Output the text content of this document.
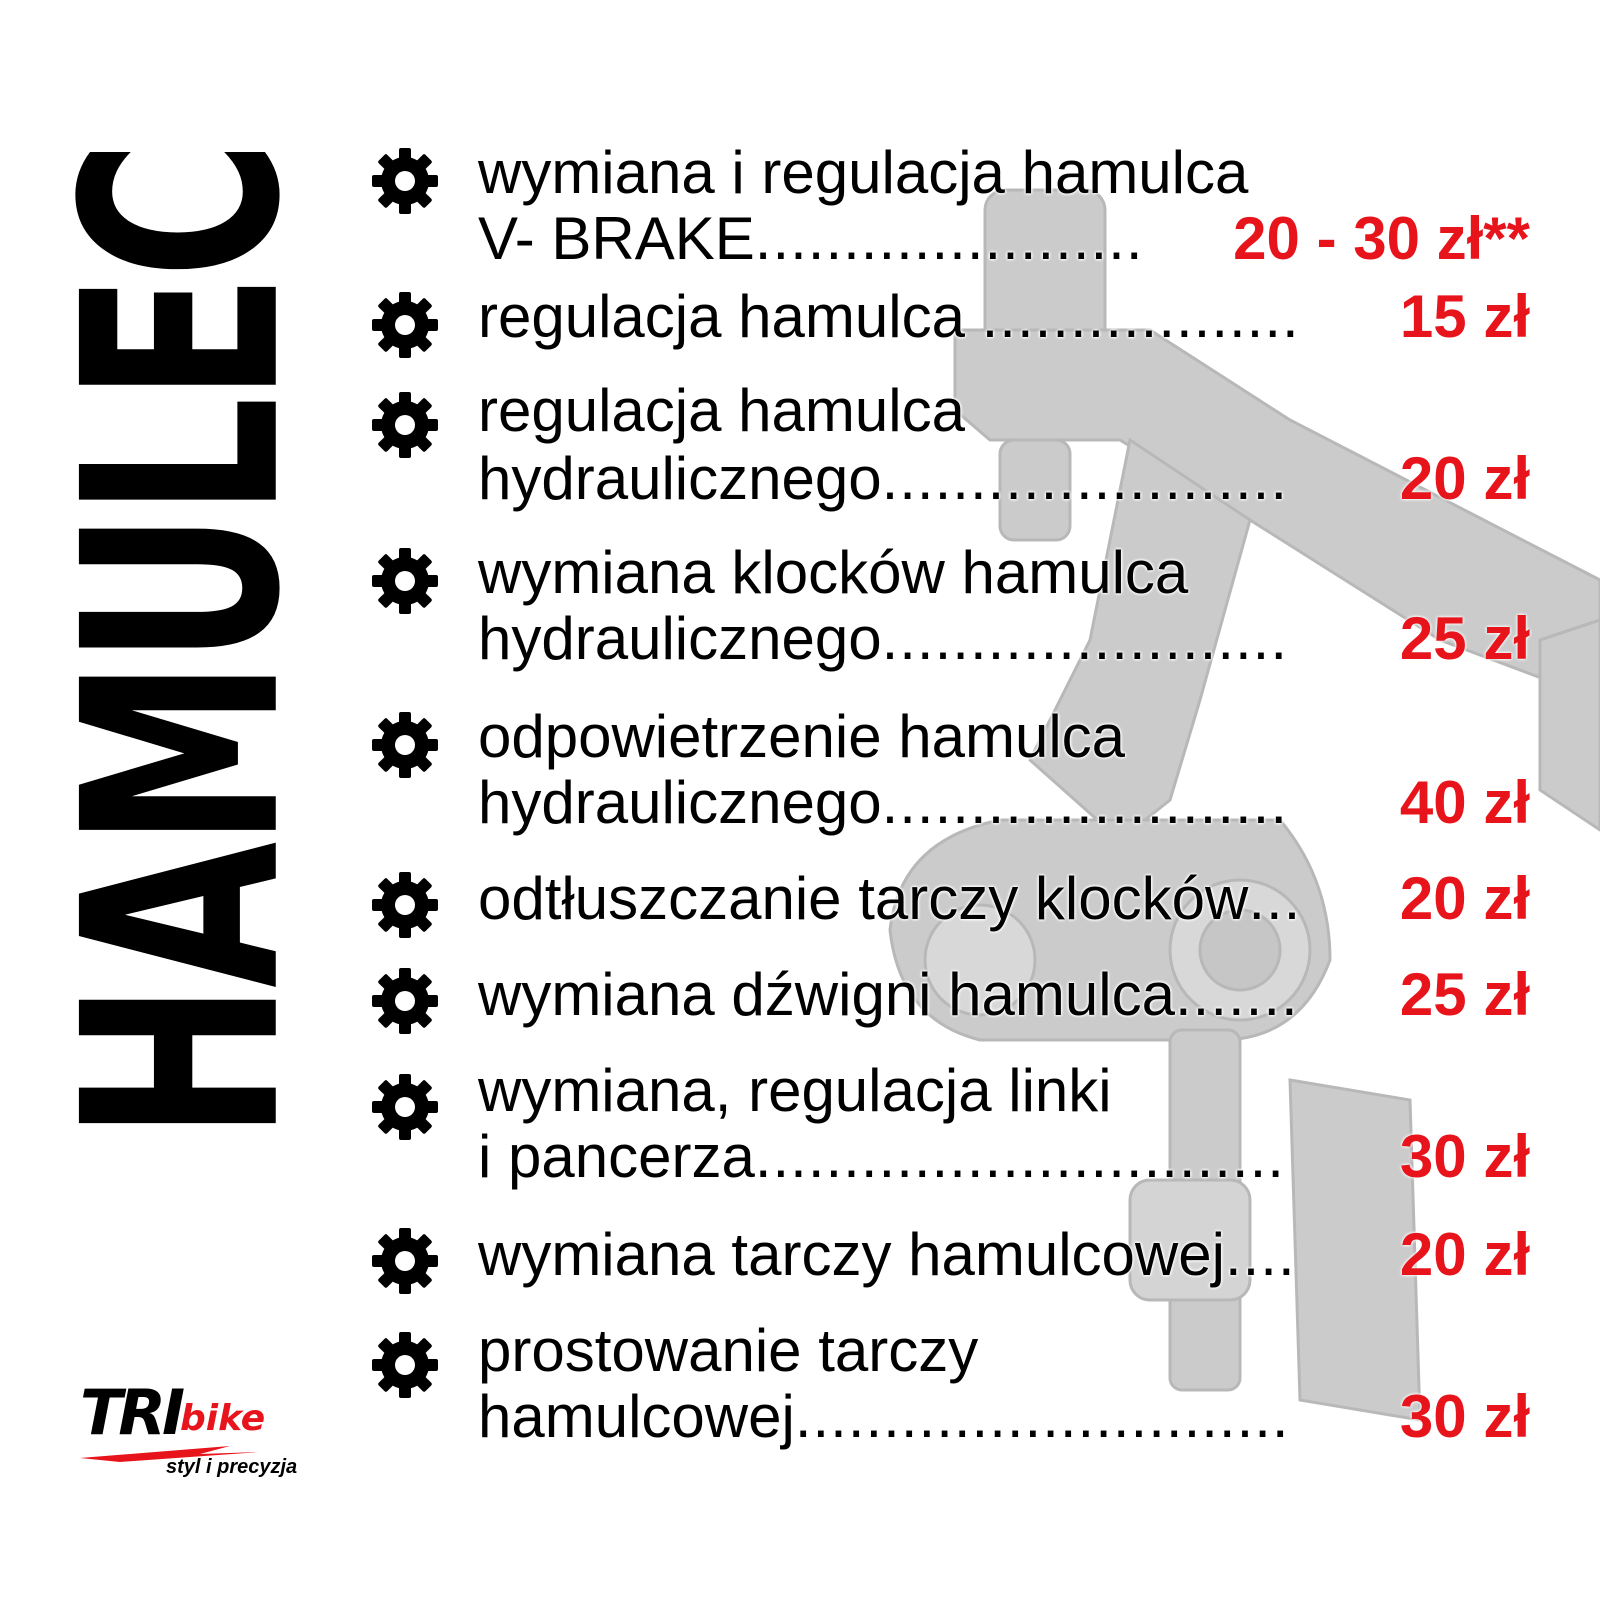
HAMULEC wymiana i regulacja hamulca
V- BRAKE......................	20 - 30 zł**
regulacja hamulca ..................	15 zł
regulacja hamulca
hydraulicznego.......................	20 zł
wymiana klocków hamulca
hydraulicznego.......................	25 zł
odpowietrzenie hamulca
hydraulicznego.......................	40 zł
odtłuszczanie tarczy klocków...	20 zł
wymiana dźwigni hamulca.......	25 zł
wymiana, regulacja linki
i pancerza..............................	30 zł
wymiana tarczy hamulcowej....	20 zł
prostowanie tarczy
hamulcowej............................	30 zł
TRI
bike
styl i precyzja
